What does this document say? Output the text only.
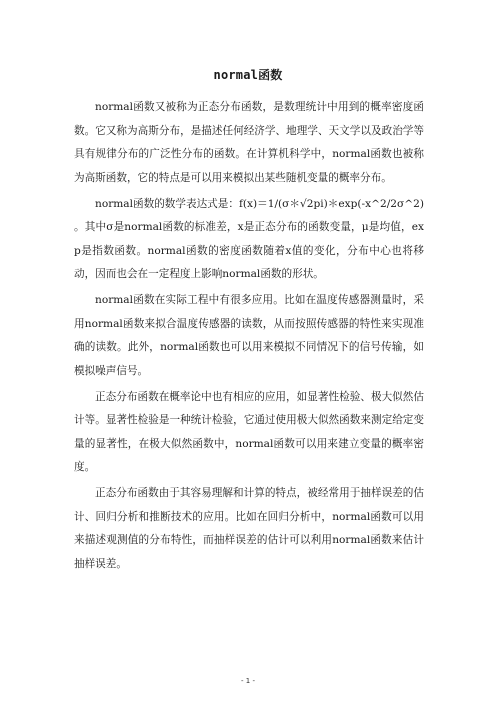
normal函数

normal函数又被称为正态分布函数，是数理统计中用到的概率密度函数。它又称为高斯分布，是描述任何经济学、地理学、天文学以及政治学等具有规律分布的广泛性分布的函数。在计算机科学中，normal函数也被称为高斯函数，它的特点是可以用来模拟出某些随机变量的概率分布。

normal函数的数学表达式是：f(x)＝1/(σ＊√2pi)＊exp(-x^2/2σ^2) 。其中σ是normal函数的标准差，x是正态分布的函数变量，μ是均值，exp是指数函数。normal函数的密度函数随着x值的变化，分布中心也将移动，因而也会在一定程度上影响normal函数的形状。

normal函数在实际工程中有很多应用。比如在温度传感器测量时，采用normal函数来拟合温度传感器的读数，从而按照传感器的特性来实现准确的读数。此外，normal函数也可以用来模拟不同情况下的信号传输，如模拟噪声信号。

正态分布函数在概率论中也有相应的应用，如显著性检验、极大似然估计等。显著性检验是一种统计检验，它通过使用极大似然函数来测定给定变量的显著性，在极大似然函数中，normal函数可以用来建立变量的概率密度。

正态分布函数由于其容易理解和计算的特点，被经常用于抽样误差的估计、回归分析和推断技术的应用。比如在回归分析中，normal函数可以用来描述观测值的分布特性，而抽样误差的估计可以利用normal函数来估计抽样误差。

- 1 -
